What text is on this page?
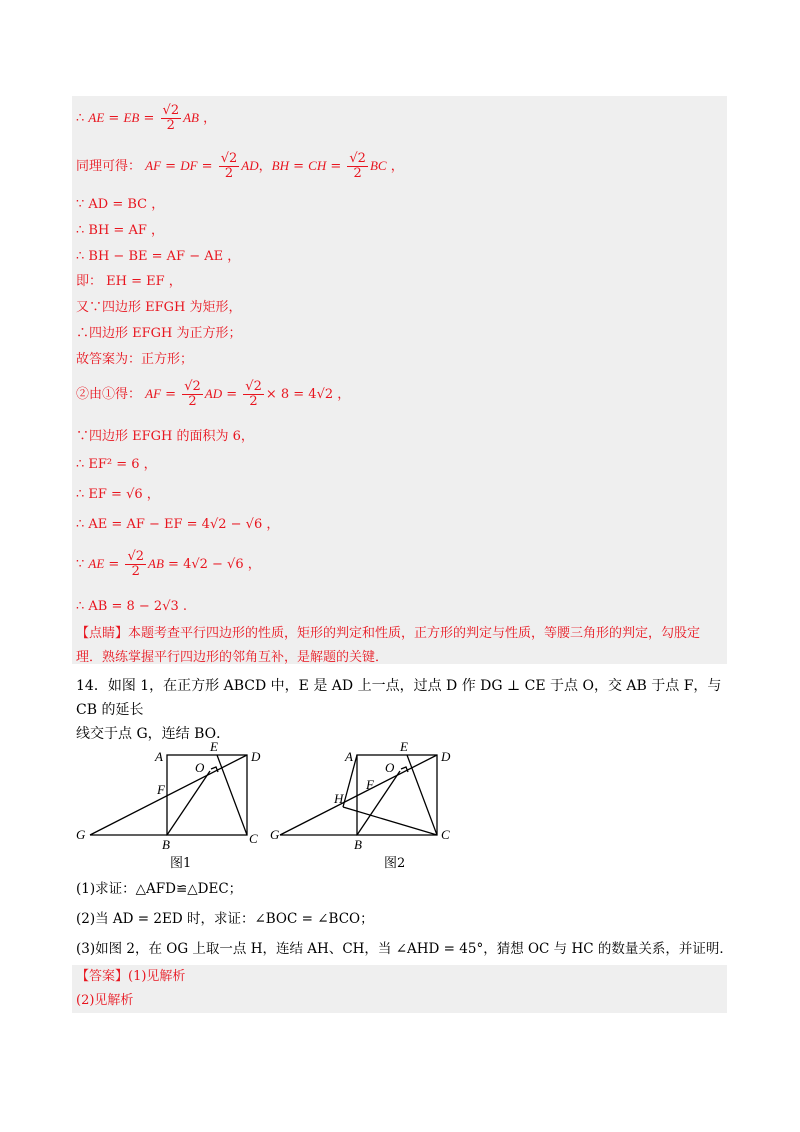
∴ AE = EB = $\frac{√2}{2}$ AB ，
同理可得： AF = DF = $\frac{√2}{2}$ AD，BH = CH = $\frac{√2}{2}$ BC ，
∵ AD = BC ，
∴ BH = AF ，
∴ BH − BE = AF − AE ，
即： EH = EF ，
又∵四边形 EFGH 为矩形，
∴四边形 EFGH 为正方形；
故答案为：正方形；
②由①得： AF = $\frac{√2}{2}$ AD = $\frac{√2}{2} \times 8 = 4√2$ ，
∵四边形 EFGH 的面积为 6，
∴ EF² = 6 ，
∴ EF = √6 ，
∴ AE = AF − EF = 4√2 − √6 ，
∵ AE = $\frac{√2}{2}$ AB = 4√2 − √6 ，
∴ AB = 8 − 2√3 .
【点睛】本题考查平行四边形的性质，矩形的判定和性质，正方形的判定与性质，等腰三角形的判定，勾股定理．熟练掌握平行四边形的邻角互补，是解题的关键．
14．如图 1，在正方形 ABCD 中，E 是 AD 上一点，过点 D 作 DG ⊥ CE 于点 O，交 AB 于点 F，与 CB 的延长
线交于点 G，连结 BO．
A
E
D
O
F
G
B	C
A
E
D
O
F
H
G
B
C
图1	图2
(1)求证：△AFD≌△DEC；
(2)当 AD = 2ED 时，求证：∠BOC = ∠BCO；
(3)如图 2，在 OG 上取一点 H，连结 AH、CH，当 ∠AHD = 45°，猜想 OC 与 HC 的数量关系，并证明．
【答案】(1)见解析
(2)见解析
